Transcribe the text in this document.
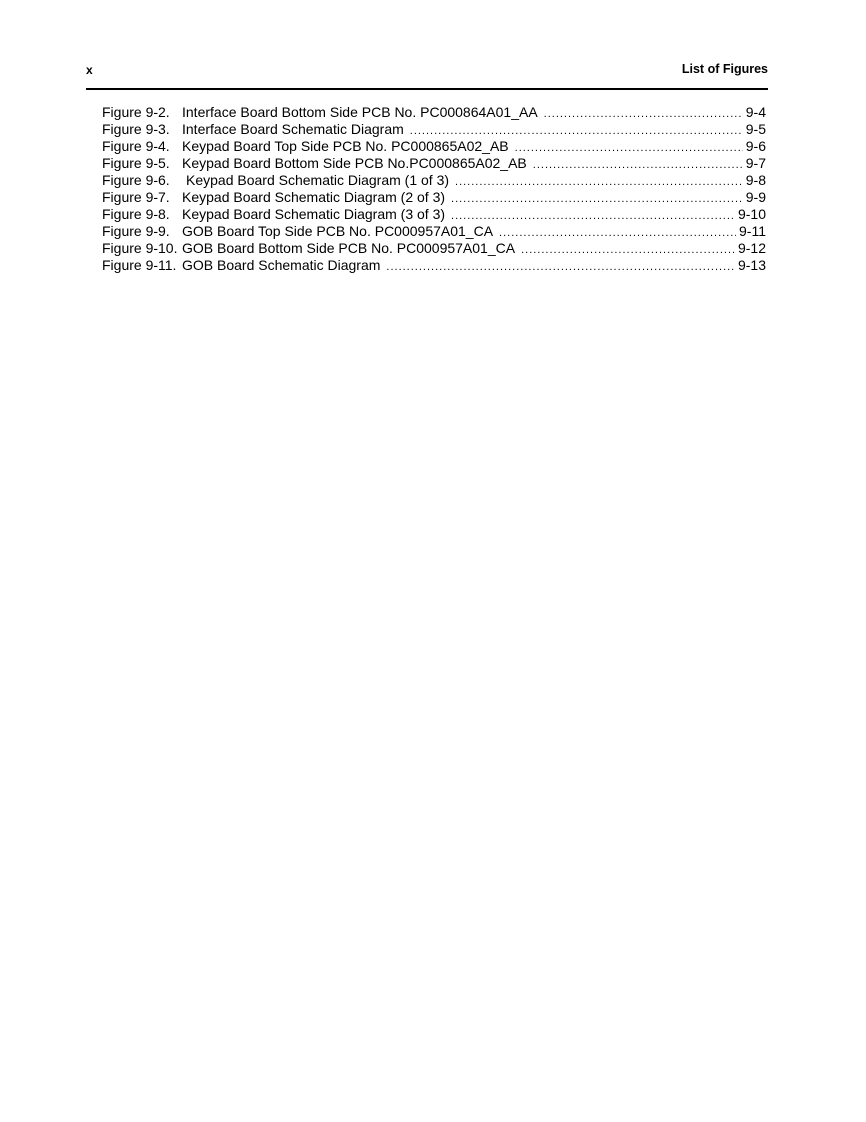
x	List of Figures
Figure 9-2. Interface Board Bottom Side PCB No. PC000864A01_AA .....	9-4
Figure 9-3. Interface Board Schematic Diagram .....	9-5
Figure 9-4. Keypad Board Top Side PCB No. PC000865A02_AB .....	9-6
Figure 9-5. Keypad Board Bottom Side PCB No.PC000865A02_AB .....	9-7
Figure 9-6.	Keypad Board Schematic Diagram (1 of 3) .....	9-8
Figure 9-7. Keypad Board Schematic Diagram (2 of 3) .....	9-9
Figure 9-8. Keypad Board Schematic Diagram (3 of 3) .....	9-10
Figure 9-9. GOB Board Top Side PCB No. PC000957A01_CA .....	9-11
Figure 9-10. GOB Board Bottom Side PCB No. PC000957A01_CA .....	9-12
Figure 9-11. GOB Board Schematic Diagram .....	9-13
